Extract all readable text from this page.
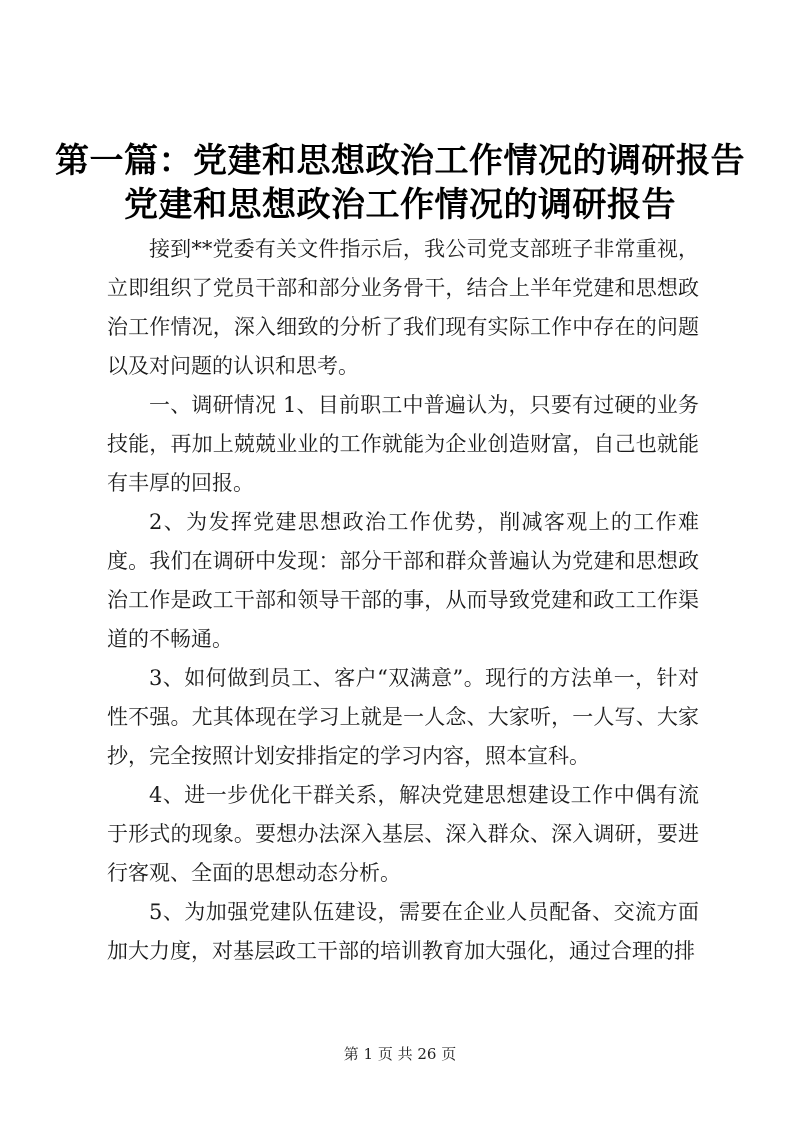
第一篇：党建和思想政治工作情况的调研报告
党建和思想政治工作情况的调研报告

接到**党委有关文件指示后，我公司党支部班子非常重视，立即组织了党员干部和部分业务骨干，结合上半年党建和思想政治工作情况，深入细致的分析了我们现有实际工作中存在的问题以及对问题的认识和思考。

一、调研情况 1、目前职工中普遍认为，只要有过硬的业务技能，再加上兢兢业业的工作就能为企业创造财富，自己也就能有丰厚的回报。

2、为发挥党建思想政治工作优势，削减客观上的工作难度。我们在调研中发现：部分干部和群众普遍认为党建和思想政治工作是政工干部和领导干部的事，从而导致党建和政工工作渠道的不畅通。

3、如何做到员工、客户“双满意”。现行的方法单一，针对性不强。尤其体现在学习上就是一人念、大家听，一人写、大家抄，完全按照计划安排指定的学习内容，照本宣科。

4、进一步优化干群关系，解决党建思想建设工作中偶有流于形式的现象。要想办法深入基层、深入群众、深入调研，要进行客观、全面的思想动态分析。

5、为加强党建队伍建设，需要在企业人员配备、交流方面加大力度，对基层政工干部的培训教育加大强化，通过合理的排

第 1 页 共 26 页
